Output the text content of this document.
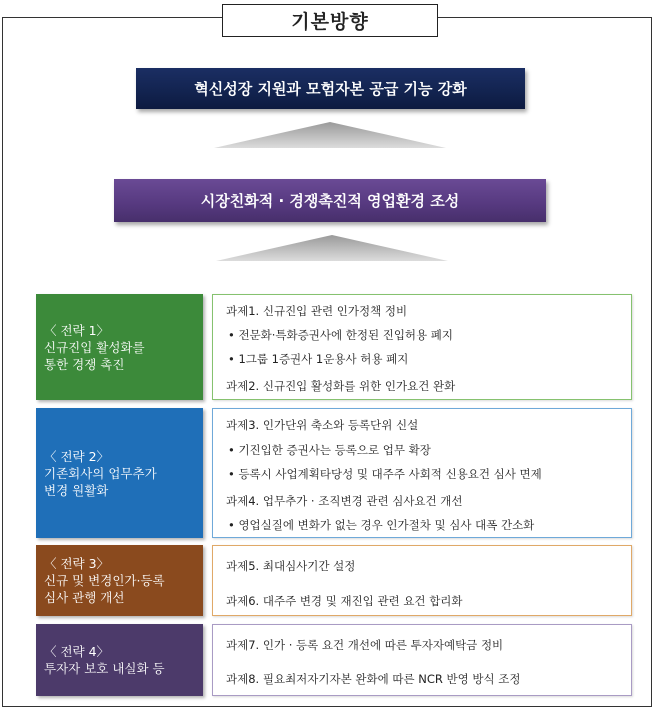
기본방향
혁신성장 지원과 모험자본 공급 기능 강화
시장친화적 · 경쟁촉진적 영업환경 조성
〈 전략 1〉
신규진입 활성화를
통한 경쟁 촉진
과제1. 신규진입 관련 인가정책 정비
• 전문화·특화증권사에 한정된 진입허용 폐지
• 1그룹 1증권사 1운용사 허용 폐지
과제2. 신규진입 활성화를 위한 인가요건 완화
〈 전략 2〉
기존회사의 업무추가
변경 원활화
과제3. 인가단위 축소와 등록단위 신설
• 기진입한 증권사는 등록으로 업무 확장
• 등록시 사업계획타당성 및 대주주 사회적 신용요건 심사 면제
과제4. 업무추가 · 조직변경 관련 심사요건 개선
• 영업실질에 변화가 없는 경우 인가절차 및 심사 대폭 간소화
〈 전략 3〉
신규 및 변경인가·등록
심사 관행 개선
과제5. 최대심사기간 설정
과제6. 대주주 변경 및 재진입 관련 요건 합리화
〈 전략 4〉
투자자 보호 내실화 등
과제7. 인가 · 등록 요건 개선에 따른 투자자예탁금 정비
과제8. 필요최저자기자본 완화에 따른 NCR 반영 방식 조정
